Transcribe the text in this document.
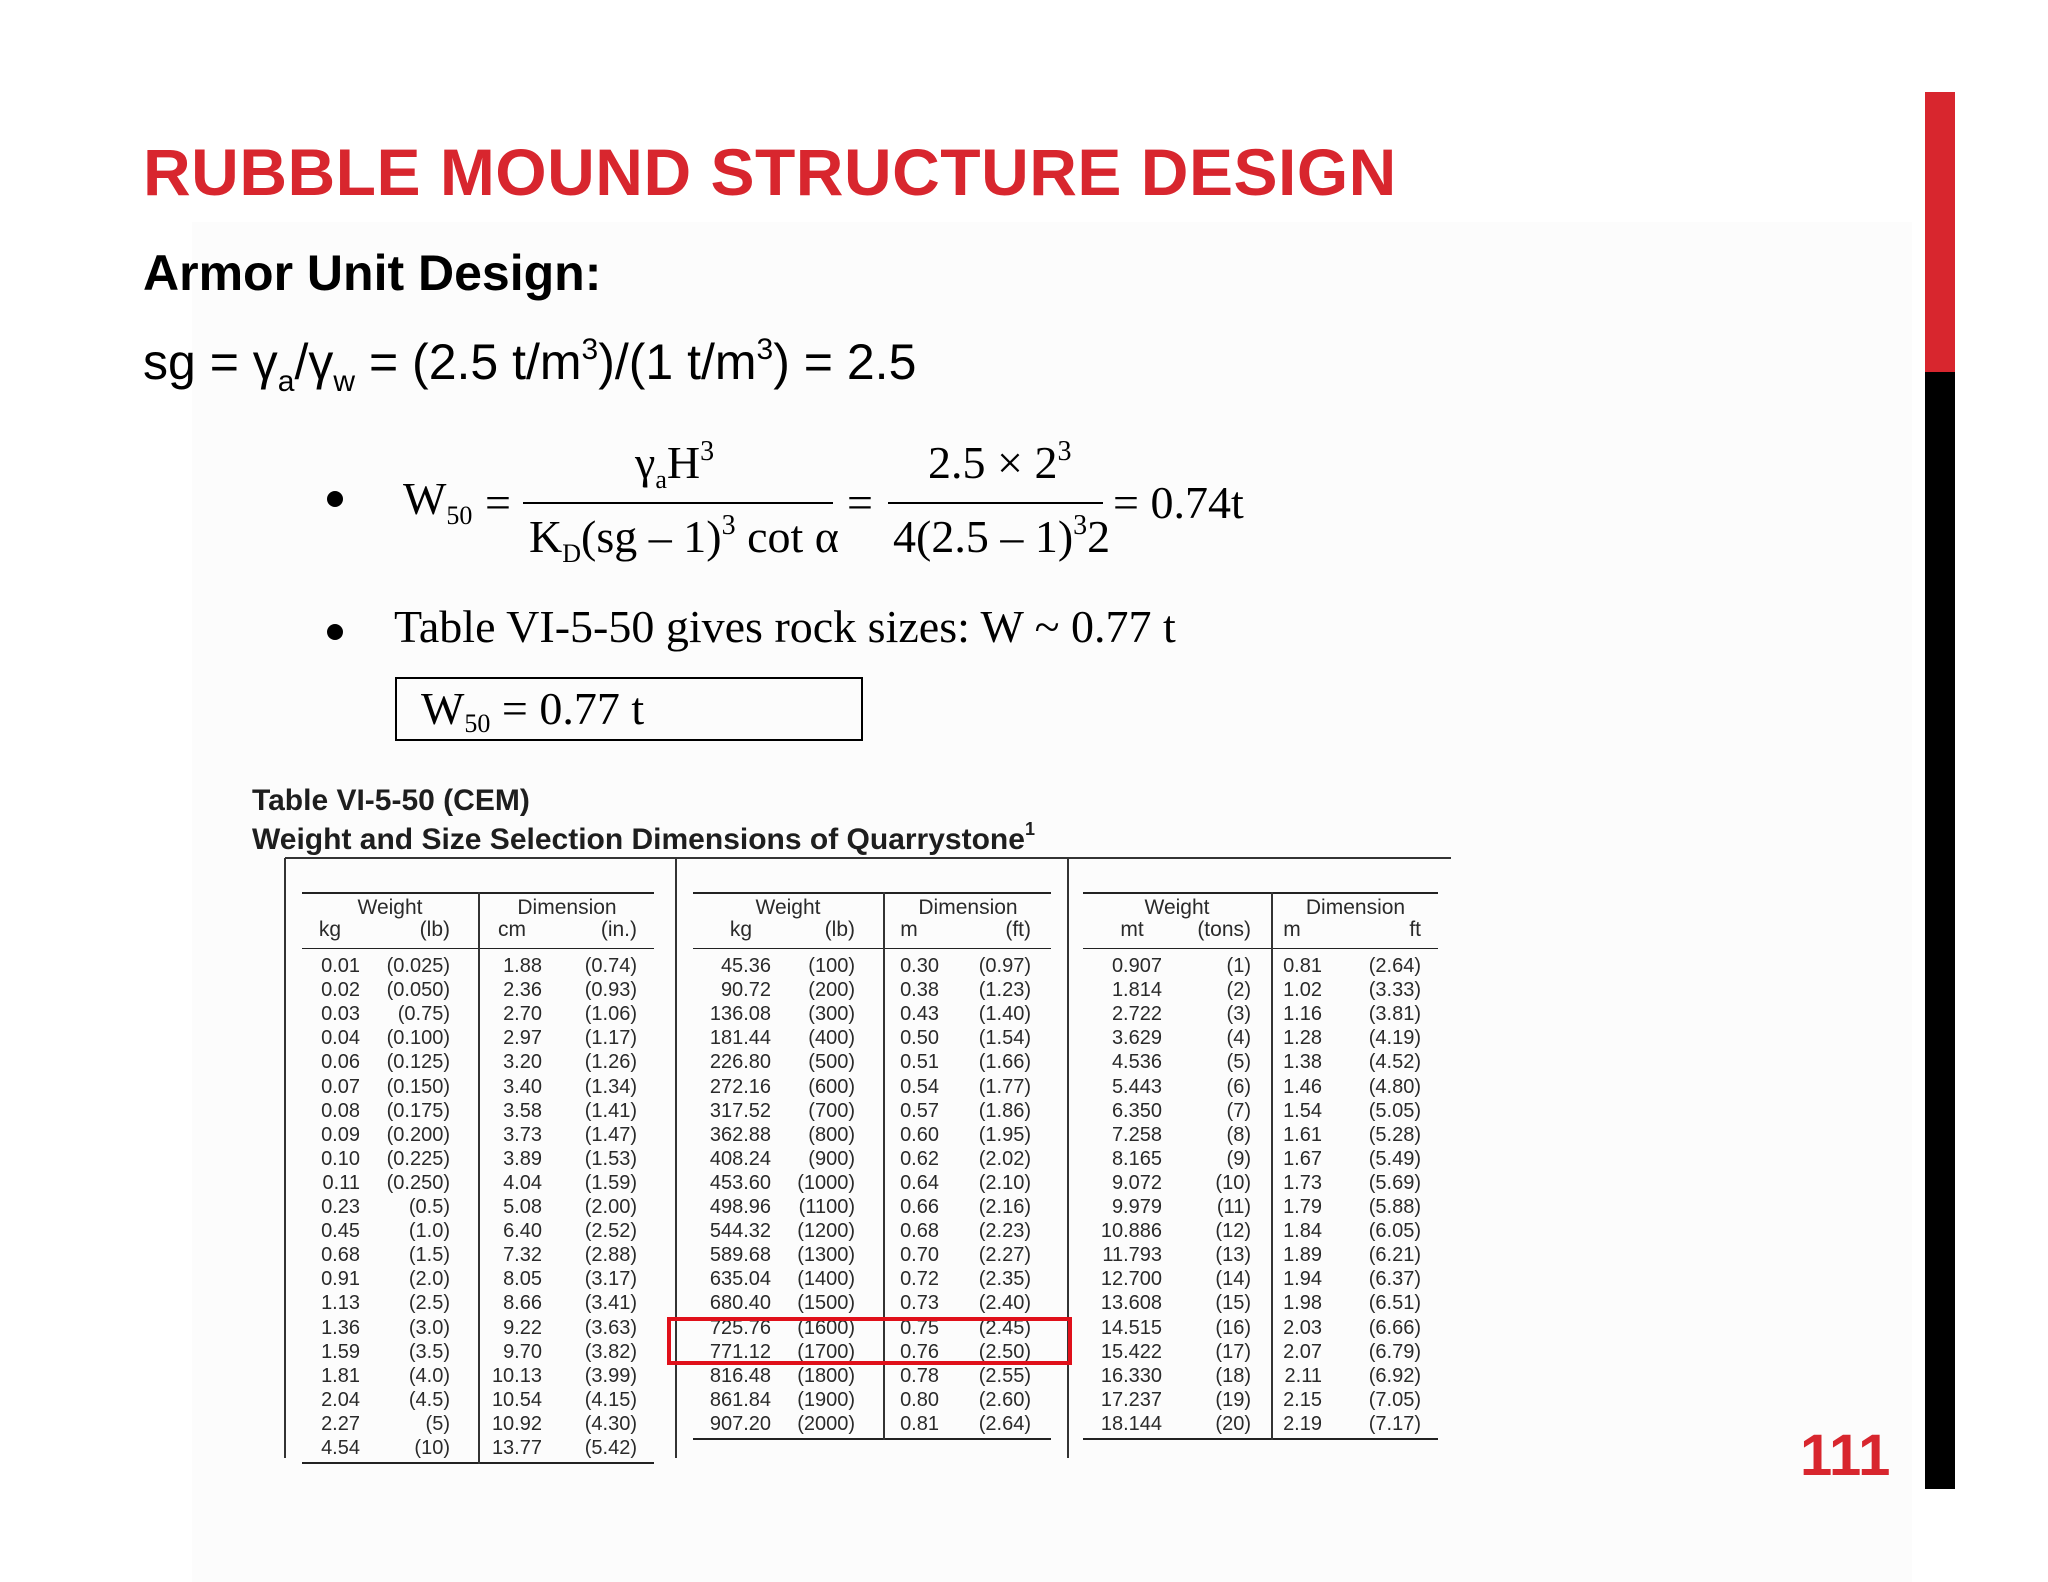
RUBBLE MOUND STRUCTURE DESIGN
Armor Unit Design:
sg = $\gamma_a/\gamma_w = (2.5$ $t/m^3)/(1$ $t/m^3) = 2.5$
$W_{50}$ =
$\gamma_aH^3$
$K_D(sg - 1)^3$ cot α
=
$2.5 \times 2^3$
4(2.5 – 1)$^3$2
= 0.74t
Table VI-5-50 gives rock sizes: W ~ 0.77 t
$W_{50} = 0.77$ t
Table VI-5-50 (CEM)
Weight and Size Selection Dimensions of Quarrystone$^1$
Weight	Dimension
kg	(lb)	cm	(in.)
0.01 (0.025)	1.88 (0.74)
0.02 (0.050)	2.36 (0.93)
0.03 (0.75)	2.70 (1.06)
0.04 (0.100)	2.97 (1.17)
0.06 (0.125)	3.20 (1.26)
0.07 (0.150)	3.40 (1.34)
0.08 (0.175)	3.58 (1.41)
0.09 (0.200)	3.73 (1.47)
0.10 (0.225)	3.89 (1.53)
0.11 (0.250)	4.04 (1.59)
0.23 (0.5)	5.08 (2.00)
0.45 (1.0)	6.40 (2.52)
0.68 (1.5)	7.32 (2.88)
0.91 (2.0)	8.05 (3.17)
1.13 (2.5)	8.66 (3.41)
1.36 (3.0)	9.22 (3.63)
1.59 (3.5)	9.70 (3.82)
1.81 (4.0) 10.13 (3.99)
2.04 (4.5) 10.54 (4.15)
2.27	(5) 10.92 (4.30)
4.54	(10) 13.77 (5.42)
Weight	Dimension
kg	(lb)	m	(ft)
45.36 (100) 0.30 (0.97)
90.72 (200) 0.38 (1.23)
136.08 (300) 0.43 (1.40)
181.44 (400) 0.50 (1.54)
226.80 (500) 0.51 (1.66)
272.16 (600) 0.54 (1.77)
317.52 (700) 0.57 (1.86)
362.88 (800) 0.60 (1.95)
408.24 (900) 0.62 (2.02)
453.60 (1000) 0.64 (2.10)
498.96 (1100) 0.66 (2.16)
544.32 (1200) 0.68 (2.23)
589.68 (1300) 0.70 (2.27)
635.04 (1400) 0.72 (2.35)
680.40 (1500) 0.73 (2.40)
725.76 (1600) 0.75 (2.45)
771.12 (1700) 0.76 (2.50)
816.48 (1800) 0.78 (2.55)
861.84 (1900) 0.80 (2.60)
907.20 (2000) 0.81 (2.64)
Weight	Dimension
mt	(tons)	m	ft
0.907	(1) 0.81 (2.64)
1.814	(2) 1.02 (3.33)
2.722	(3) 1.16 (3.81)
3.629	(4) 1.28 (4.19)
4.536	(5) 1.38 (4.52)
5.443	(6) 1.46 (4.80)
6.350	(7) 1.54 (5.05)
7.258	(8) 1.61 (5.28)
8.165	(9) 1.67 (5.49)
9.072	(10) 1.73 (5.69)
9.979	(11) 1.79 (5.88)
10.886	(12) 1.84 (6.05)
11.793	(13) 1.89 (6.21)
12.700	(14) 1.94 (6.37)
13.608	(15) 1.98 (6.51)
14.515	(16) 2.03 (6.66)
15.422	(17) 2.07 (6.79)
16.330	(18) 2.11 (6.92)
17.237	(19) 2.15 (7.05)
18.144	(20) 2.19 (7.17)	111
